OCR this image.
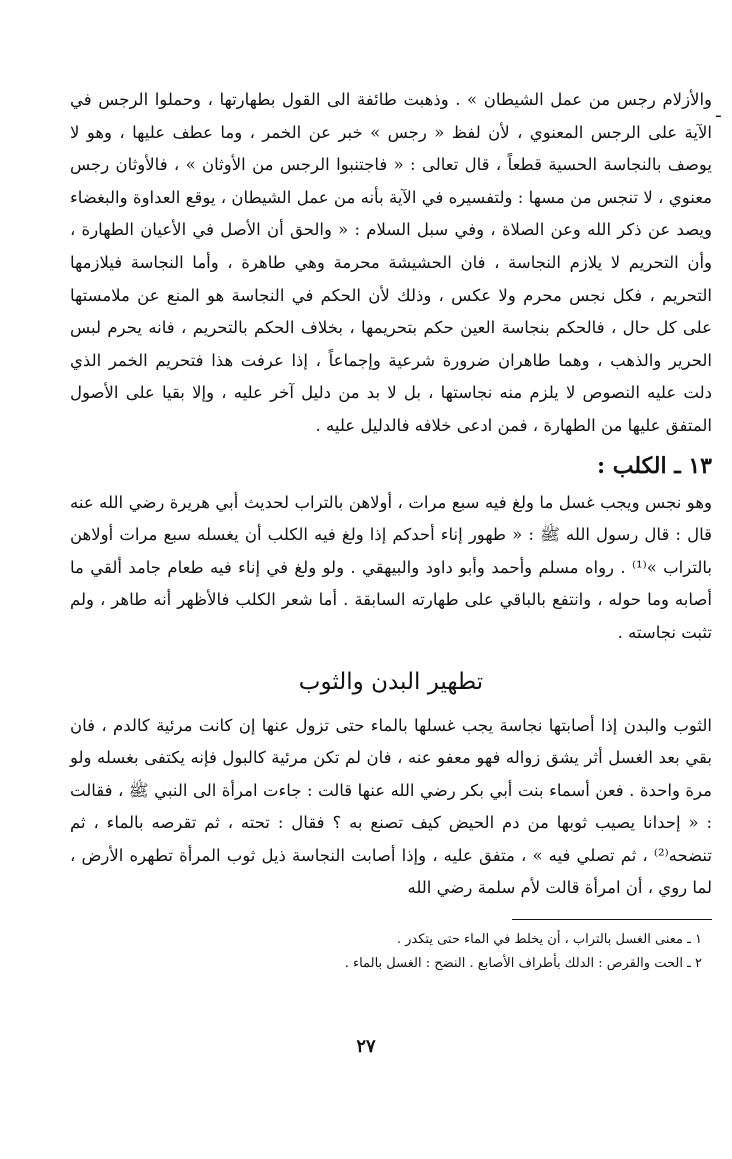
ـ

والأزلام رجس من عمل الشيطان » . وذهبت طائفة الى القول بطهارتها ، وحملوا الرجس في الآية على الرجس المعنوي ، لأن لفظ « رجس » خبر عن الخمر ، وما عطف عليها ، وهو لا يوصف بالنجاسة الحسية قطعاً ، قال تعالى : « فاجتنبوا الرجس من الأوثان » ، فالأوثان رجس معنوي ، لا تنجس من مسها : ولتفسيره في الآية بأنه من عمل الشيطان ، يوقع العداوة والبغضاء ويصد عن ذكر الله وعن الصلاة ، وفي سبل السلام : « والحق أن الأصل في الأعيان الطهارة ، وأن التحريم لا يلازم النجاسة ، فان الحشيشة محرمة وهي طاهرة ، وأما النجاسة فيلازمها التحريم ، فكل نجس محرم ولا عكس ، وذلك لأن الحكم في النجاسة هو المنع عن ملامستها على كل حال ، فالحكم بنجاسة العين حكم بتحريمها ، بخلاف الحكم بالتحريم ، فانه يحرم لبس الحرير والذهب ، وهما طاهران ضرورة شرعية وإجماعاً ، إذا عرفت هذا فتحريم الخمر الذي دلت عليه النصوص لا يلزم منه نجاستها ، بل لا بد من دليل آخر عليه ، وإلا بقيا على الأصول المتفق عليها من الطهارة ، فمن ادعى خلافه فالدليل عليه .

١٣ ـ الكلب :

وهو نجس ويجب غسل ما ولغ فيه سبع مرات ، أولاهن بالتراب لحديث أبي هريرة رضي الله عنه قال : قال رسول الله ﷺ : « طهور إناء أحدكم إذا ولغ فيه الكلب أن يغسله سبع مرات أولاهن بالتراب »⁽¹⁾ . رواه مسلم وأحمد وأبو داود والبيهقي . ولو ولغ في إناء فيه طعام جامد ألقي ما أصابه وما حوله ، وانتفع بالباقي على طهارته السابقة . أما شعر الكلب فالأظهر أنه طاهر ، ولم تثبت نجاسته .

تطهير البدن والثوب

الثوب والبدن إذا أصابتها نجاسة يجب غسلها بالماء حتى تزول عنها إن كانت مرئية كالدم ، فان بقي بعد الغسل أثر يشق زواله فهو معفو عنه ، فان لم تكن مرئية كالبول فإنه يكتفى بغسله ولو مرة واحدة . فعن أسماء بنت أبي بكر رضي الله عنها قالت : جاءت امرأة الى النبي ﷺ ، فقالت : « إحدانا يصيب ثوبها من دم الحيض كيف تصنع به ؟ فقال : تحته ، ثم تقرصه بالماء ، ثم تنضحه⁽²⁾ ، ثم تصلي فيه » ، متفق عليه ، وإذا أصابت النجاسة ذيل ثوب المرأة تطهره الأرض ، لما روي ، أن امرأة قالت لأم سلمة رضي الله

١ ـ معنى الغسل بالتراب ، أن يخلط في الماء حتى يتكدر .

٢ ـ الحت والقرص : الدلك بأطراف الأصابع . النضح : الغسل بالماء .

٢٧
